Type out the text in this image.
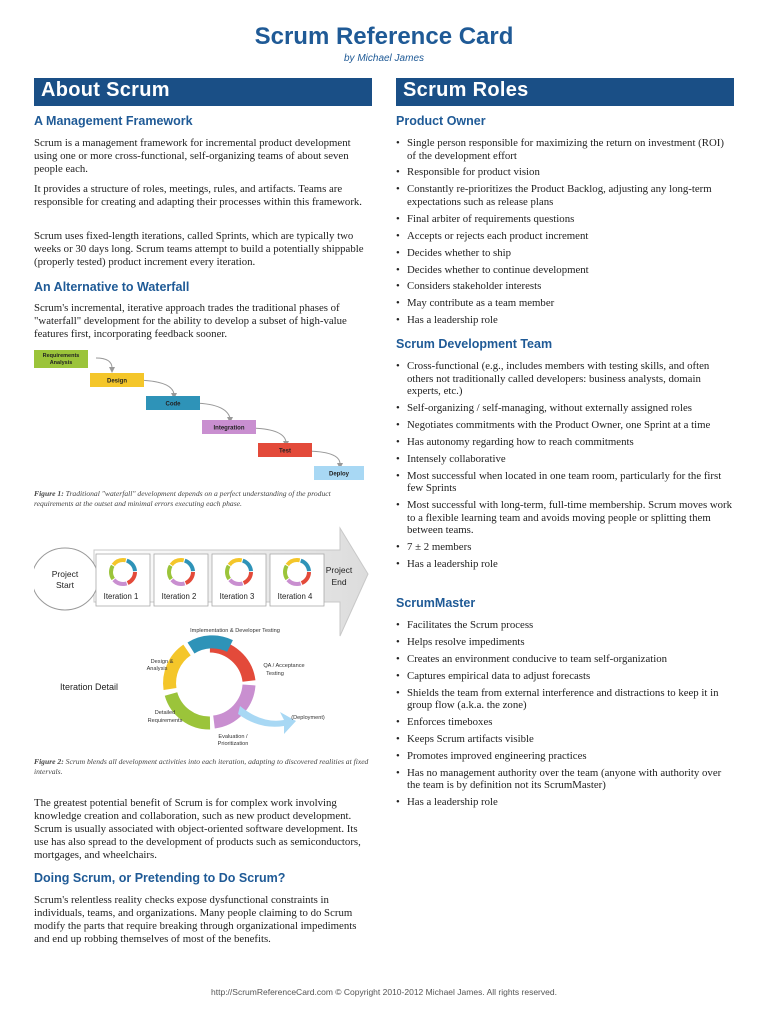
Scrum Reference Card
by Michael James
About Scrum
A Management Framework
Scrum is a management framework for incremental product development using one or more cross-functional, self-organizing teams of about seven people each.
It provides a structure of roles, meetings, rules, and artifacts. Teams are responsible for creating and adapting their processes within this framework.
Scrum uses fixed-length iterations, called Sprints, which are typically two weeks or 30 days long. Scrum teams attempt to build a potentially shippable (properly tested) product increment every iteration.
An Alternative to Waterfall
Scrum's incremental, iterative approach trades the traditional phases of "waterfall" development for the ability to develop a subset of high-value features first, incorporating feedback sooner.
Requirements
Analysis
Design
Code
Integration
Test
Deploy
Figure 1: Traditional "waterfall" development depends on a perfect understanding of the product requirements at the outset and minimal errors executing each phase.
Project
Start
Iteration 1	Iteration 2	Iteration 3	Iteration 4
Project
End
Iteration Detail
Implementation & Developer Testing
Design &
Analysis	QA / Acceptance
Testing
Detailed
Requirements	(Deployment)
Evaluation /
Prioritization
Figure 2: Scrum blends all development activities into each iteration, adapting to discovered realities at fixed intervals.
The greatest potential benefit of Scrum is for complex work involving knowledge creation and collaboration, such as new product development. Scrum is usually associated with object-oriented software development. Its use has also spread to the development of products such as semiconductors, mortgages, and wheelchairs.
Doing Scrum, or Pretending to Do Scrum?
Scrum's relentless reality checks expose dysfunctional constraints in individuals, teams, and organizations. Many people claiming to do Scrum modify the parts that require breaking through organizational impediments and end up robbing themselves of most of the benefits.
Scrum Roles
Product Owner
• Single person responsible for maximizing the return on investment (ROI) of the development effort
• Responsible for product vision
• Constantly re-prioritizes the Product Backlog, adjusting any long-term expectations such as release plans
• Final arbiter of requirements questions
• Accepts or rejects each product increment
• Decides whether to ship
• Decides whether to continue development
• Considers stakeholder interests
• May contribute as a team member
• Has a leadership role
Scrum Development Team
• Cross-functional (e.g., includes members with testing skills, and often others not traditionally called developers: business analysts, domain experts, etc.)
• Self-organizing / self-managing, without externally assigned roles
• Negotiates commitments with the Product Owner, one Sprint at a time
• Has autonomy regarding how to reach commitments
• Intensely collaborative
• Most successful when located in one team room, particularly for the first few Sprints
• Most successful with long-term, full-time membership. Scrum moves work to a flexible learning team and avoids moving people or splitting them between teams.
• 7 ± 2 members
• Has a leadership role
ScrumMaster
• Facilitates the Scrum process
• Helps resolve impediments
• Creates an environment conducive to team self-organization
• Captures empirical data to adjust forecasts
• Shields the team from external interference and distractions to keep it in group flow (a.k.a. the zone)
• Enforces timeboxes
• Keeps Scrum artifacts visible
• Promotes improved engineering practices
• Has no management authority over the team (anyone with authority over the team is by definition not its ScrumMaster)
• Has a leadership role
http://ScrumReferenceCard.com © Copyright 2010-2012 Michael James. All rights reserved.
